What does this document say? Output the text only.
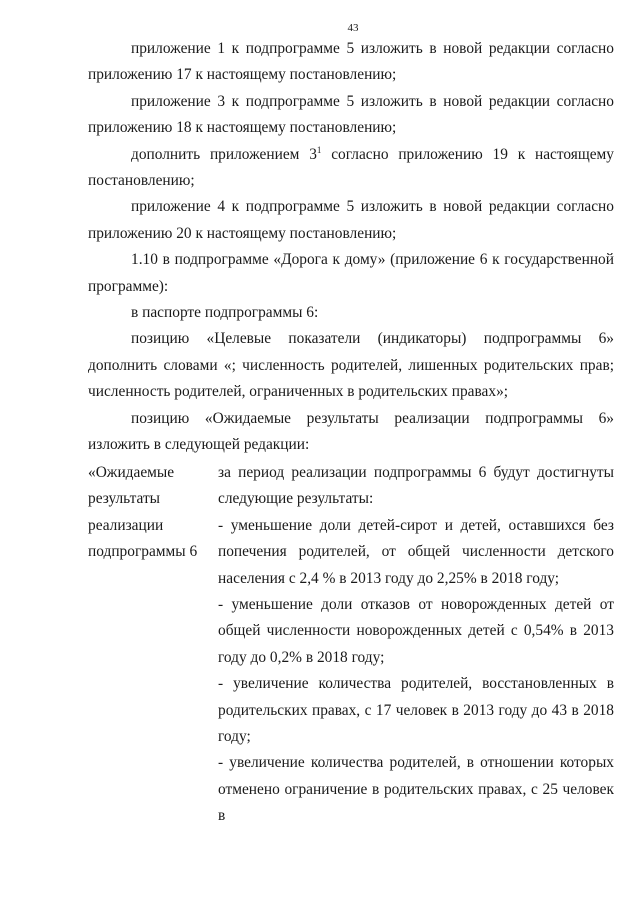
43

приложение 1 к подпрограмме 5 изложить в новой редакции согласно приложению 17 к настоящему постановлению;

приложение 3 к подпрограмме 5 изложить в новой редакции согласно приложению 18 к настоящему постановлению;

дополнить приложением $3^1$ согласно приложению 19 к настоящему постановлению;

приложение 4 к подпрограмме 5 изложить в новой редакции согласно приложению 20 к настоящему постановлению;

1.10 в подпрограмме «Дорога к дому» (приложение 6 к государственной программе):

в паспорте подпрограммы 6:

позицию «Целевые показатели (индикаторы) подпрограммы 6» дополнить словами «; численность родителей, лишенных родительских прав; численность родителей, ограниченных в родительских правах»;

позицию «Ожидаемые результаты реализации подпрограммы 6» изложить в следующей редакции:

«Ожидаемые
результаты
реализации
подпрограммы 6

за период реализации подпрограммы 6 будут достигнуты следующие результаты:

- уменьшение доли детей-сирот и детей, оставшихся без попечения родителей, от общей численности детского населения с 2,4 % в 2013 году до 2,25% в 2018 году;

- уменьшение доли отказов от новорожденных детей от общей численности новорожденных детей с 0,54% в 2013 году до 0,2% в 2018 году;

- увеличение количества родителей, восстановленных в родительских правах, с 17 человек в 2013 году до 43 в 2018 году;

- увеличение количества родителей, в отношении которых отменено ограничение в родительских правах, с 25 человек в
